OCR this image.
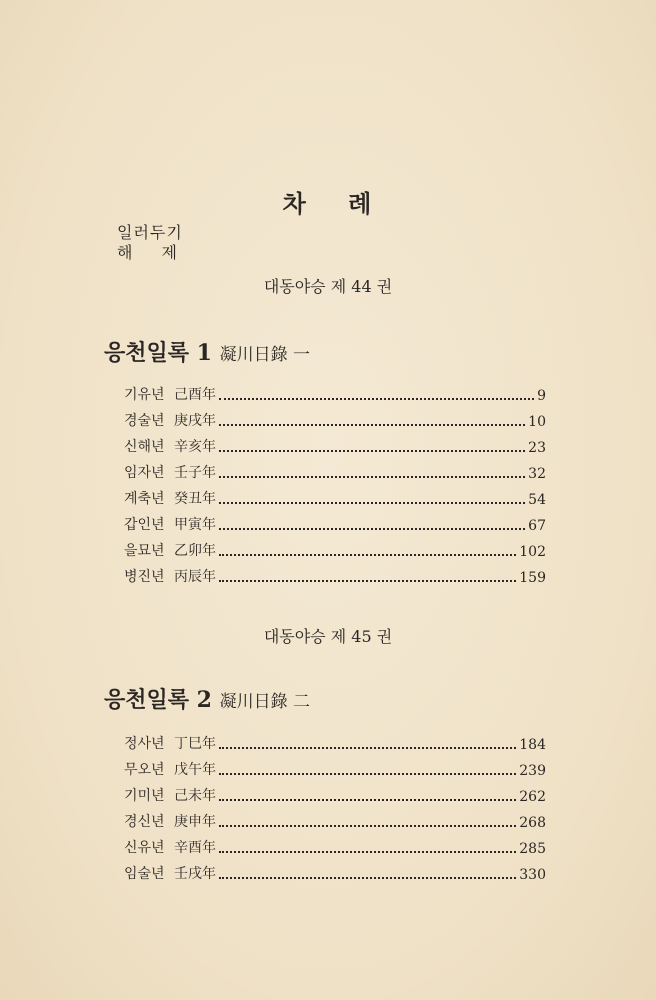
차 례
일러두기
해 제
대동야승 제 44 권
응천일록 1 凝川日錄 一
기유년 己酉年	9
경술년 庚戌年	10
신해년 辛亥年	23
임자년 壬子年	32
계축년 癸丑年	54
갑인년 甲寅年	67
을묘년 乙卯年	102
병진년 丙辰年	159
대동야승 제 45 권
응천일록 2 凝川日錄 二
정사년 丁巳年	184
무오년 戊午年	239
기미년 己未年	262
경신년 庚申年	268
신유년 辛酉年	285
임술년 壬戌年	330
